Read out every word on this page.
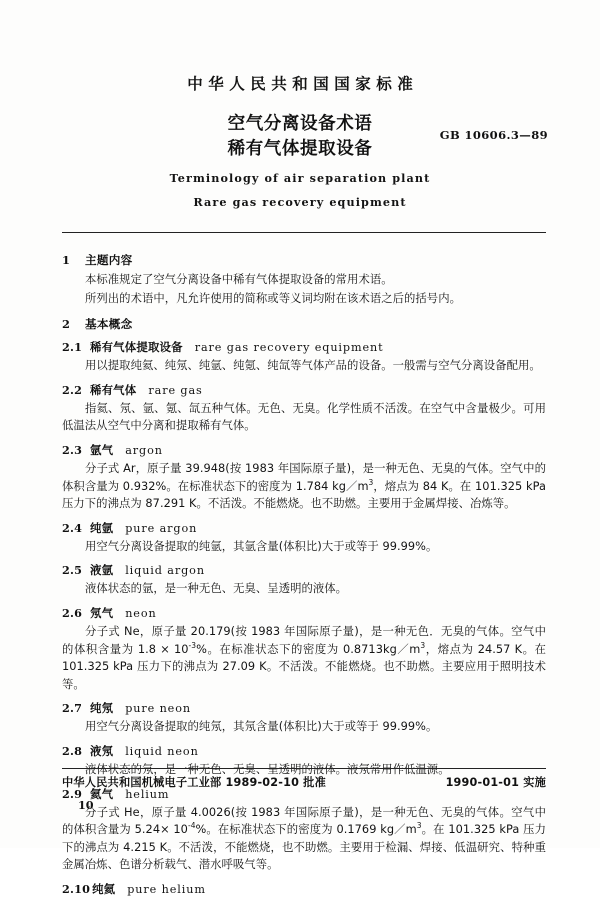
中华人民共和国国家标准
空气分离设备术语
稀有气体提取设备
Terminology of air separation plant
Rare gas recovery equipment
GB 10606.3—89
1 主题内容
本标准规定了空气分离设备中稀有气体提取设备的常用术语。
所列出的术语中，凡允许使用的简称或等义词均附在该术语之后的括号内。
2 基本概念
2.1 稀有气体提取设备 rare gas recovery equipment
用以提取纯氦、纯氖、纯氩、纯氪、纯氙等气体产品的设备。一般需与空气分离设备配用。
2.2 稀有气体 rare gas
指氦、氖、氩、氪、氙五种气体。无色、无臭。化学性质不活泼。在空气中含量极少。可用低温法从空气中分离和提取稀有气体。
2.3 氩气 argon
分子式 Ar，原子量 39.948(按 1983 年国际原子量)，是一种无色、无臭的气体。空气中的体积含量为 0.932%。在标准状态下的密度为 1.784 $kg/m^3$，熔点为 84 K。在 101.325 kPa 压力下的沸点为 87.291 K。不活泼。不能燃烧。也不助燃。主要用于金属焊接、冶炼等。
2.4 纯氩 pure argon
用空气分离设备提取的纯氩，其氩含量(体积比)大于或等于 99.99%。
2.5 液氩 liquid argon
液体状态的氩，是一种无色、无臭、呈透明的液体。
2.6 氖气 neon
分子式 Ne，原子量 20.179(按 1983 年国际原子量)，是一种无色．无臭的气体。空气中的体积含量为 $1.8 \times 10^{-3}\%$。在标准状态下的密度为 $0.8713kg/m^3$，熔点为 24.57 K。在 101.325 kPa 压力下的沸点为 27.09 K。不活泼。不能燃烧。也不助燃。主要应用于照明技术等。
2.7 纯氖 pure neon
用空气分离设备提取的纯氖，其氖含量(体积比)大于或等于 99.99%。
2.8 液氖 liquid neon
液体状态的氖，是一种无色、无臭、呈透明的液体。液氖常用作低温源。
2.9 氦气 helium
分子式 He，原子量 4.0026(按 1983 年国际原子量)，是一种无色、无臭的气体。空气中的体积含量为 $5.24\times 10^{-4}\%$。在标准状态下的密度为 0.1769 $kg/m^3$。在 101.325 kPa 压力下的沸点为 4.215 K。不活泼，不能燃烧，也不助燃。主要用于检漏、焊接、低温研究、特种重金属冶炼、色谱分析载气、潜水呼吸气等。
2.10 纯氦 pure helium
中华人民共和国机械电子工业部 1989-02-10 批准	1990-01-01 实施
10
